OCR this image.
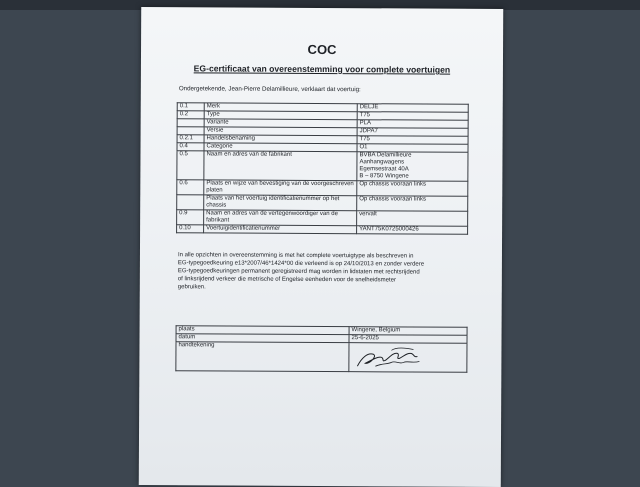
COC
EG-certificaat van overeenstemming voor complete voertuigen
Ondergetekende, Jean-Pierre Delamillieure, verklaart dat voertuig:
0.1	Merk	DELJE

0.2	Type	T75

	Variante	PLA

	Versie	JDPA7

0.2.1	Handelsbenaming	T75

0.4	Categorie	O1

0.5	Naam en adres van de fabrikant	BVBA Delamillieure
Aanhangwagens
Egemsestraat 40A
B – 8750 Wingene

0.6	Plaats en wijze van bevestiging van de voorgeschreven platen	Op chassis vooraan links

	Plaats van het voertuig identificatienummer op het chassis	Op chassis vooraan links

0.9	Naam en adres van de vertegenwoordiger van de fabrikant	vervalt

0.10	Voertuigidentificatienummer	YANT75K0725000426
In alle opzichten in overeenstemming is met het complete voertuigtype als beschreven in
EG-typegoedkeuring e13*2007/46*1424*00 die verleend is op 24/10/2013 en zonder verdere
EG-typegoedkeuringen permanent geregistreerd mag worden in lidstaten met rechtsrijdend
of linksrijdend verkeer die metrische of Engelse eenheden voor de snelheidsmeter
gebruiken.
plaats	Wingene, Belgium
datum	25-6-2025
handtekening	
